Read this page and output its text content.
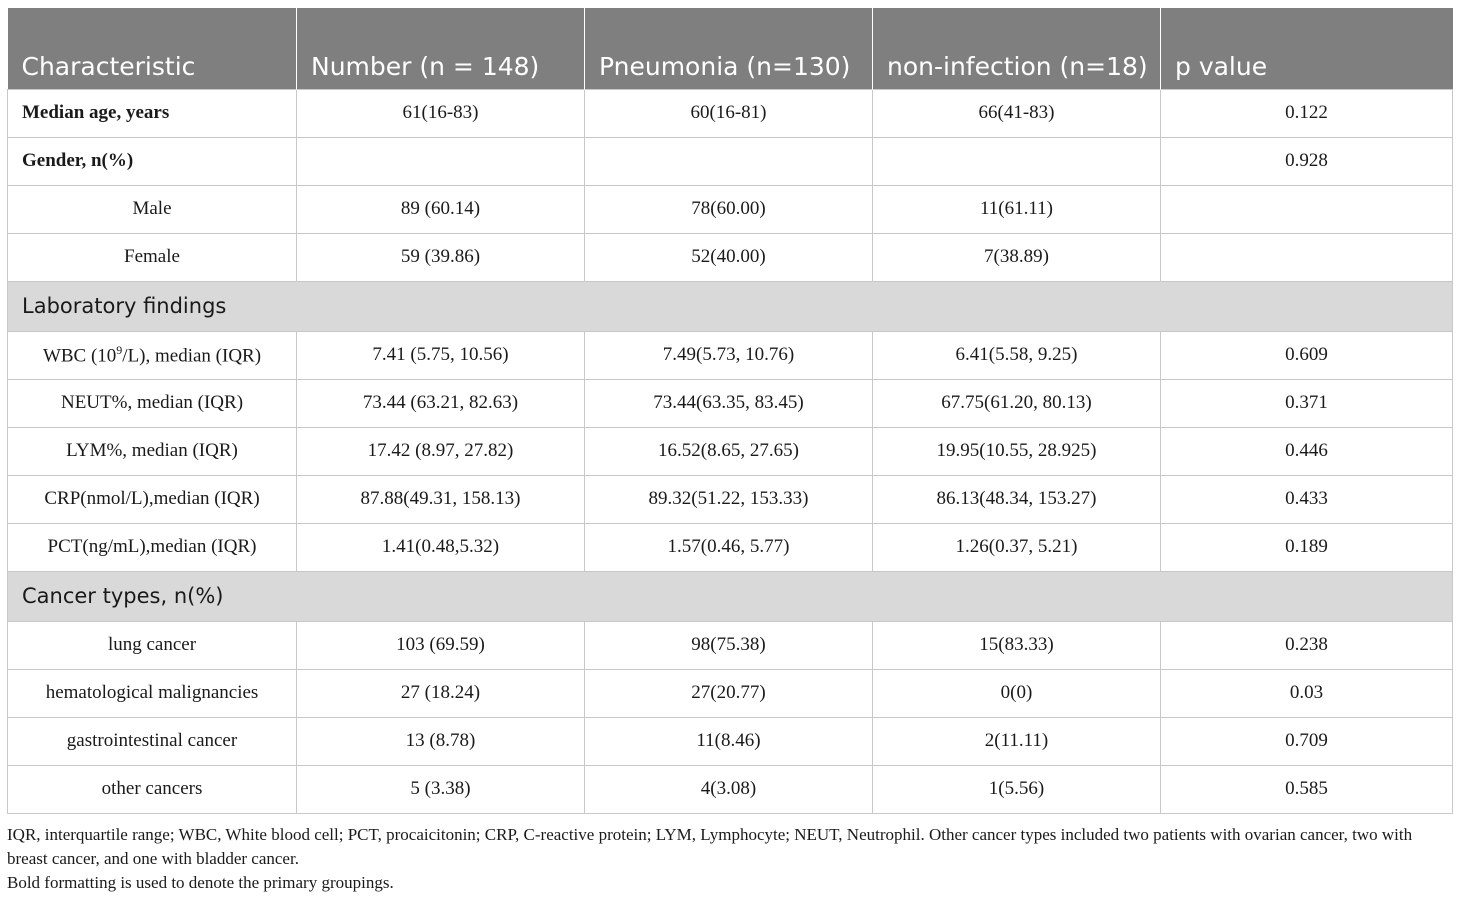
Characteristic	Number (n = 148)	Pneumonia (n=130)	non-infection (n=18)	p value
Median age, years	61(16-83)	60(16-81)	66(41-83)	0.122
Gender, n(%)				0.928
Male	89 (60.14)	78(60.00)	11(61.11)	
Female	59 (39.86)	52(40.00)	7(38.89)	
Laboratory findings				
WBC $(10^9/L)$, median (IQR)	7.41 (5.75, 10.56)	7.49(5.73, 10.76)	6.41(5.58, 9.25)	0.609
NEUT%, median (IQR)	73.44 (63.21, 82.63)	73.44(63.35, 83.45)	67.75(61.20, 80.13)	0.371
LYM%, median (IQR)	17.42 (8.97, 27.82)	16.52(8.65, 27.65)	19.95(10.55, 28.925)	0.446
CRP(nmol/L),median (IQR)	87.88(49.31, 158.13)	89.32(51.22, 153.33)	86.13(48.34, 153.27)	0.433
PCT(ng/mL),median (IQR)	1.41(0.48,5.32)	1.57(0.46, 5.77)	1.26(0.37, 5.21)	0.189
Cancer types, n(%)				
lung cancer	103 (69.59)	98(75.38)	15(83.33)	0.238
hematological malignancies	27 (18.24)	27(20.77)	0(0)	0.03
gastrointestinal cancer	13 (8.78)	11(8.46)	2(11.11)	0.709
other cancers	5 (3.38)	4(3.08)	1(5.56)	0.585

IQR, interquartile range; WBC, White blood cell; PCT, procaicitonin; CRP, C-reactive protein; LYM, Lymphocyte; NEUT, Neutrophil. Other cancer types included two patients with ovarian cancer, two with breast cancer, and one with bladder cancer.

Bold formatting is used to denote the primary groupings.
